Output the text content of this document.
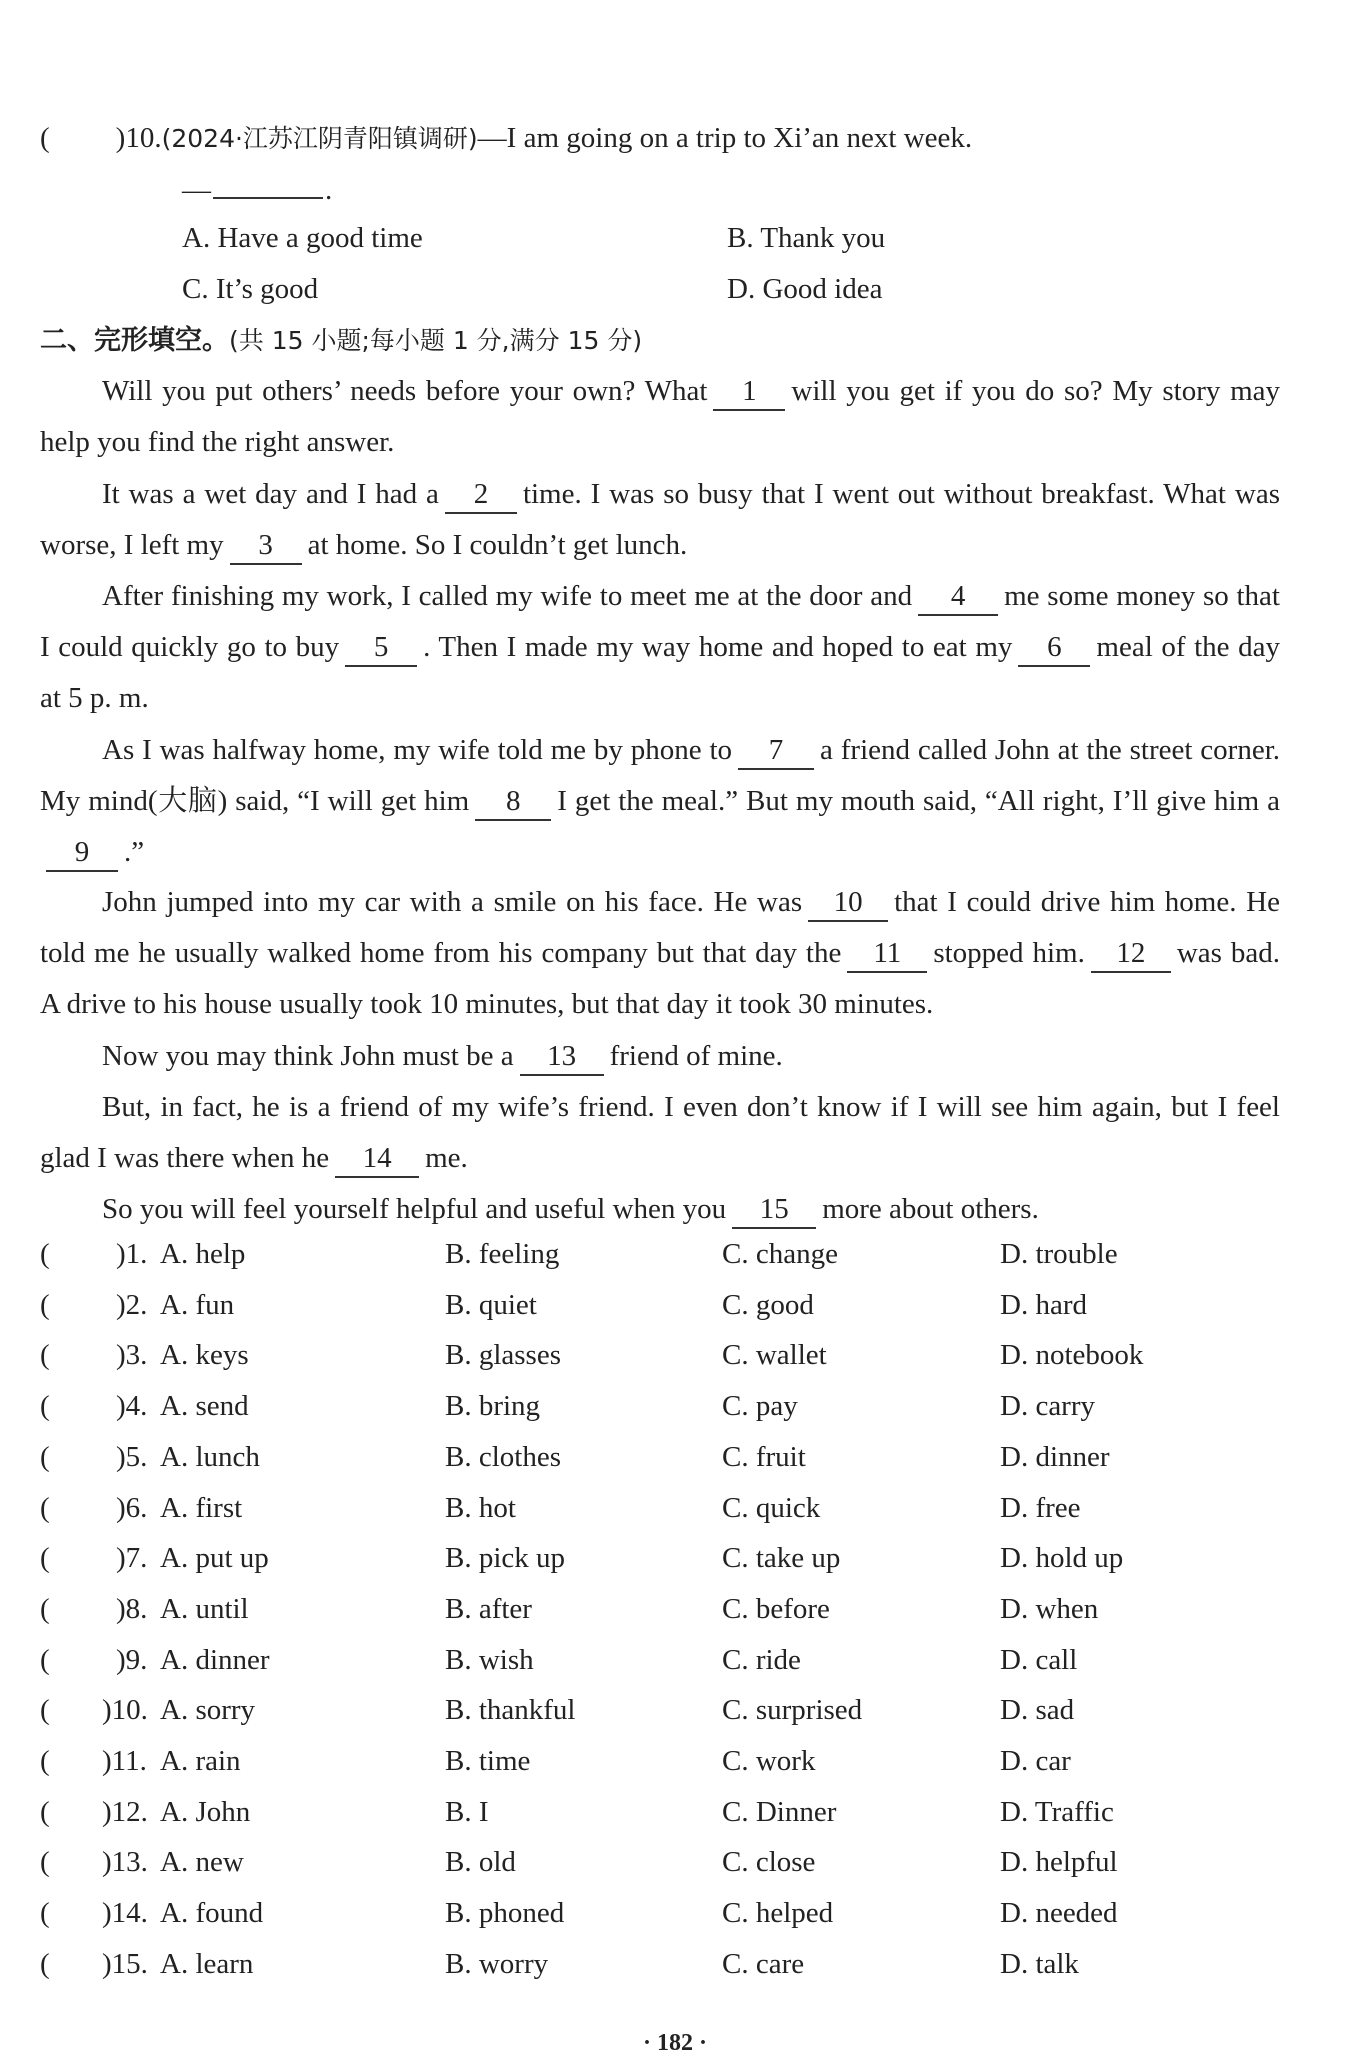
( )10.(2024·江苏江阴青阳镇调研)—I am going on a trip to Xi’an next week.
—	.
A. Have a good time	B. Thank you
C. It’s good	D. Good idea
二、完形填空。(共 15 小题;每小题 1 分,满分 15 分)
Will you put others’ needs before your own? What 1 will you get if you do so? My story may help you find the right answer.
It was a wet day and I had a 2 time. I was so busy that I went out without breakfast. What was worse, I left my 3 at home. So I couldn’t get lunch.
After finishing my work, I called my wife to meet me at the door and 4 me some money so that I could quickly go to buy 5 . Then I made my way home and hoped to eat my 6 meal of the day at 5 p. m.
As I was halfway home, my wife told me by phone to 7 a friend called John at the street corner. My mind(大脑) said, “I will get him 8 I get the meal.” But my mouth said, “All right, I’ll give him a9 .”
John jumped into my car with a smile on his face. He was 10 that I could drive him home. He told me he usually walked home from his company but that day the 11 stopped him. 12 was bad. A drive to his house usually took 10 minutes, but that day it took 30 minutes.
Now you may think John must be a 13 friend of mine.
But, in fact, he is a friend of my wife’s friend. I even don’t know if I will see him again, but I feel glad I was there when he 14 me.
So you will feel yourself helpful and useful when you 15 more about others.
( )1. A. help	B. feeling	C. change	D. trouble
( )2. A. fun	B. quiet	C. good	D. hard
( )3. A. keys	B. glasses	C. wallet	D. notebook
( )4. A. send	B. bring	C. pay	D. carry
( )5. A. lunch	B. clothes	C. fruit	D. dinner
( )6. A. first	B. hot	C. quick	D. free
( )7. A. put up	B. pick up	C. take up	D. hold up
( )8. A. until	B. after	C. before	D. when
( )9. A. dinner	B. wish	C. ride	D. call
( )10. A. sorry	B. thankful	C. surprised	D. sad
( )11. A. rain	B. time	C. work	D. car
( )12. A. John	B. I	C. Dinner	D. Traffic
( )13. A. new	B. old	C. close	D. helpful
( )14. A. found	B. phoned	C. helped	D. needed
( )15. A. learn	B. worry	C. care	D. talk
· 182 ·
